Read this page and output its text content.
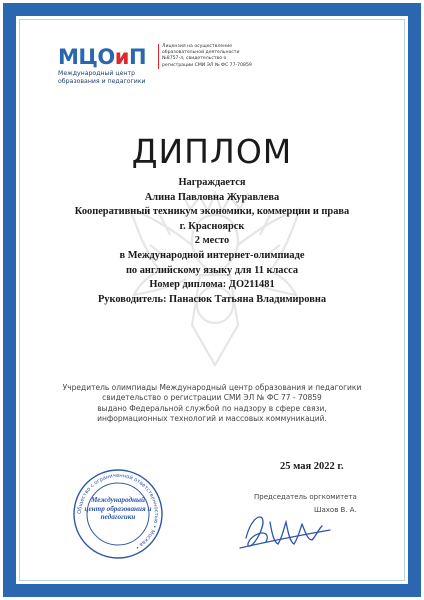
МЦОиП
Международный центр образования и педагогики
Лицензия на осуществление образовательной деятельности №8757-л, свидетельство о регистрации СМИ ЭЛ № ФС 77-70859
ДИПЛОМ
Награждается
Алина Павловна Журавлева
Кооперативный техникум экономики, коммерции и права
г. Красноярск
2 место
в Международной интернет-олимпиаде
по английскому языку для 11 класса
Номер диплома: ДО211481
Руководитель: Панасюк Татьяна Владимировна
Учредитель олимпиады Международный центр образования и педагогики
свидетельство о регистрации СМИ ЭЛ № ФС 77 - 70859
выдано Федеральной службой по надзору в сфере связи,
информационных технологий и массовых коммуникаций.
25 мая 2022 г.
Общество с ограниченной ответственностью • Москва •
Международный центр образования и педагогики
Председатель оргкомитета
Шахов В. А.
